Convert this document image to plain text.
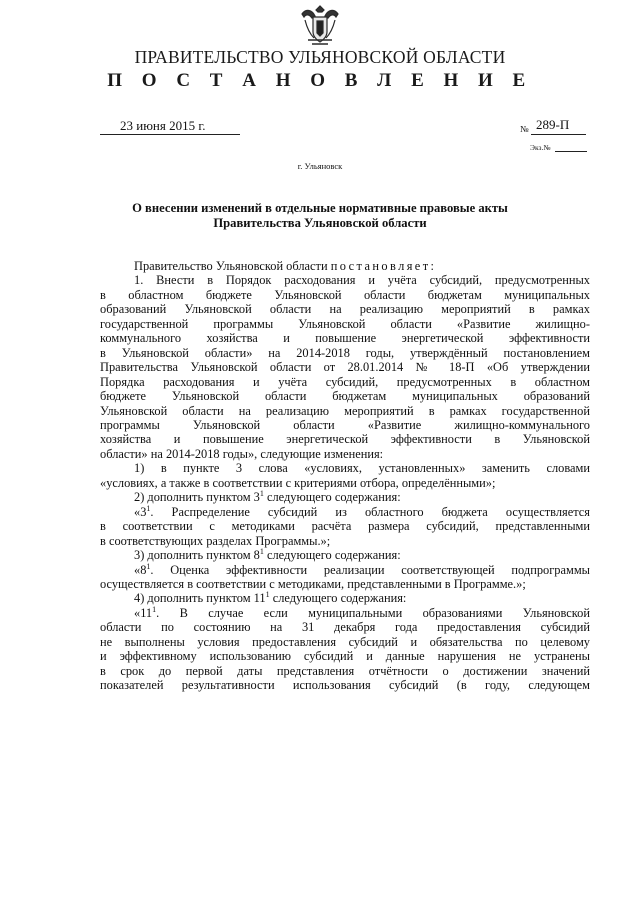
ПРАВИТЕЛЬСТВО УЛЬЯНОВСКОЙ ОБЛАСТИ
П О С Т А Н О В Л Е Н И Е
23 июня 2015 г.	№ 289-П
Экз.№
г. Ульяновск
О внесении изменений в отдельные нормативные правовые акты
Правительства Ульяновской области

Правительство Ульяновской области постановляет:

1. Внести в Порядок расходования и учёта субсидий, предусмотренных

в областном бюджете Ульяновской области бюджетам муниципальных

образований Ульяновской области на реализацию мероприятий в рамках

государственной программы Ульяновской области «Развитие жилищно-

коммунального хозяйства и повышение энергетической эффективности

в Ульяновской области» на 2014-2018 годы, утверждённый постановлением

Правительства Ульяновской области от 28.01.2014 № 18-П «Об утверждении

Порядка расходования и учёта субсидий, предусмотренных в областном

бюджете Ульяновской области бюджетам муниципальных образований

Ульяновской области на реализацию мероприятий в рамках государственной

программы Ульяновской области «Развитие жилищно-коммунального

хозяйства и повышение энергетической эффективности в Ульяновской

области» на 2014-2018 годы», следующие изменения:

1) в пункте 3 слова «условиях, установленных» заменить словами

«условиях, а также в соответствии с критериями отбора, определёнными»;

2) дополнить пунктом $3^1$ следующего содержания:

«$3^1$. Распределение субсидий из областного бюджета осуществляется

в соответствии с методиками расчёта размера субсидий, представленными

в соответствующих разделах Программы.»;

3) дополнить пунктом $8^1$ следующего содержания:

«$8^1$. Оценка эффективности реализации соответствующей подпрограммы

осуществляется в соответствии с методиками, представленными в Программе.»;

4) дополнить пунктом $11^1$ следующего содержания:

«$11^1$. В случае если муниципальными образованиями Ульяновской

области по состоянию на 31 декабря года предоставления субсидий

не выполнены условия предоставления субсидий и обязательства по целевому

и эффективному использованию субсидий и данные нарушения не устранены

в срок до первой даты представления отчётности о достижении значений

показателей результативности использования субсидий (в году, следующем
